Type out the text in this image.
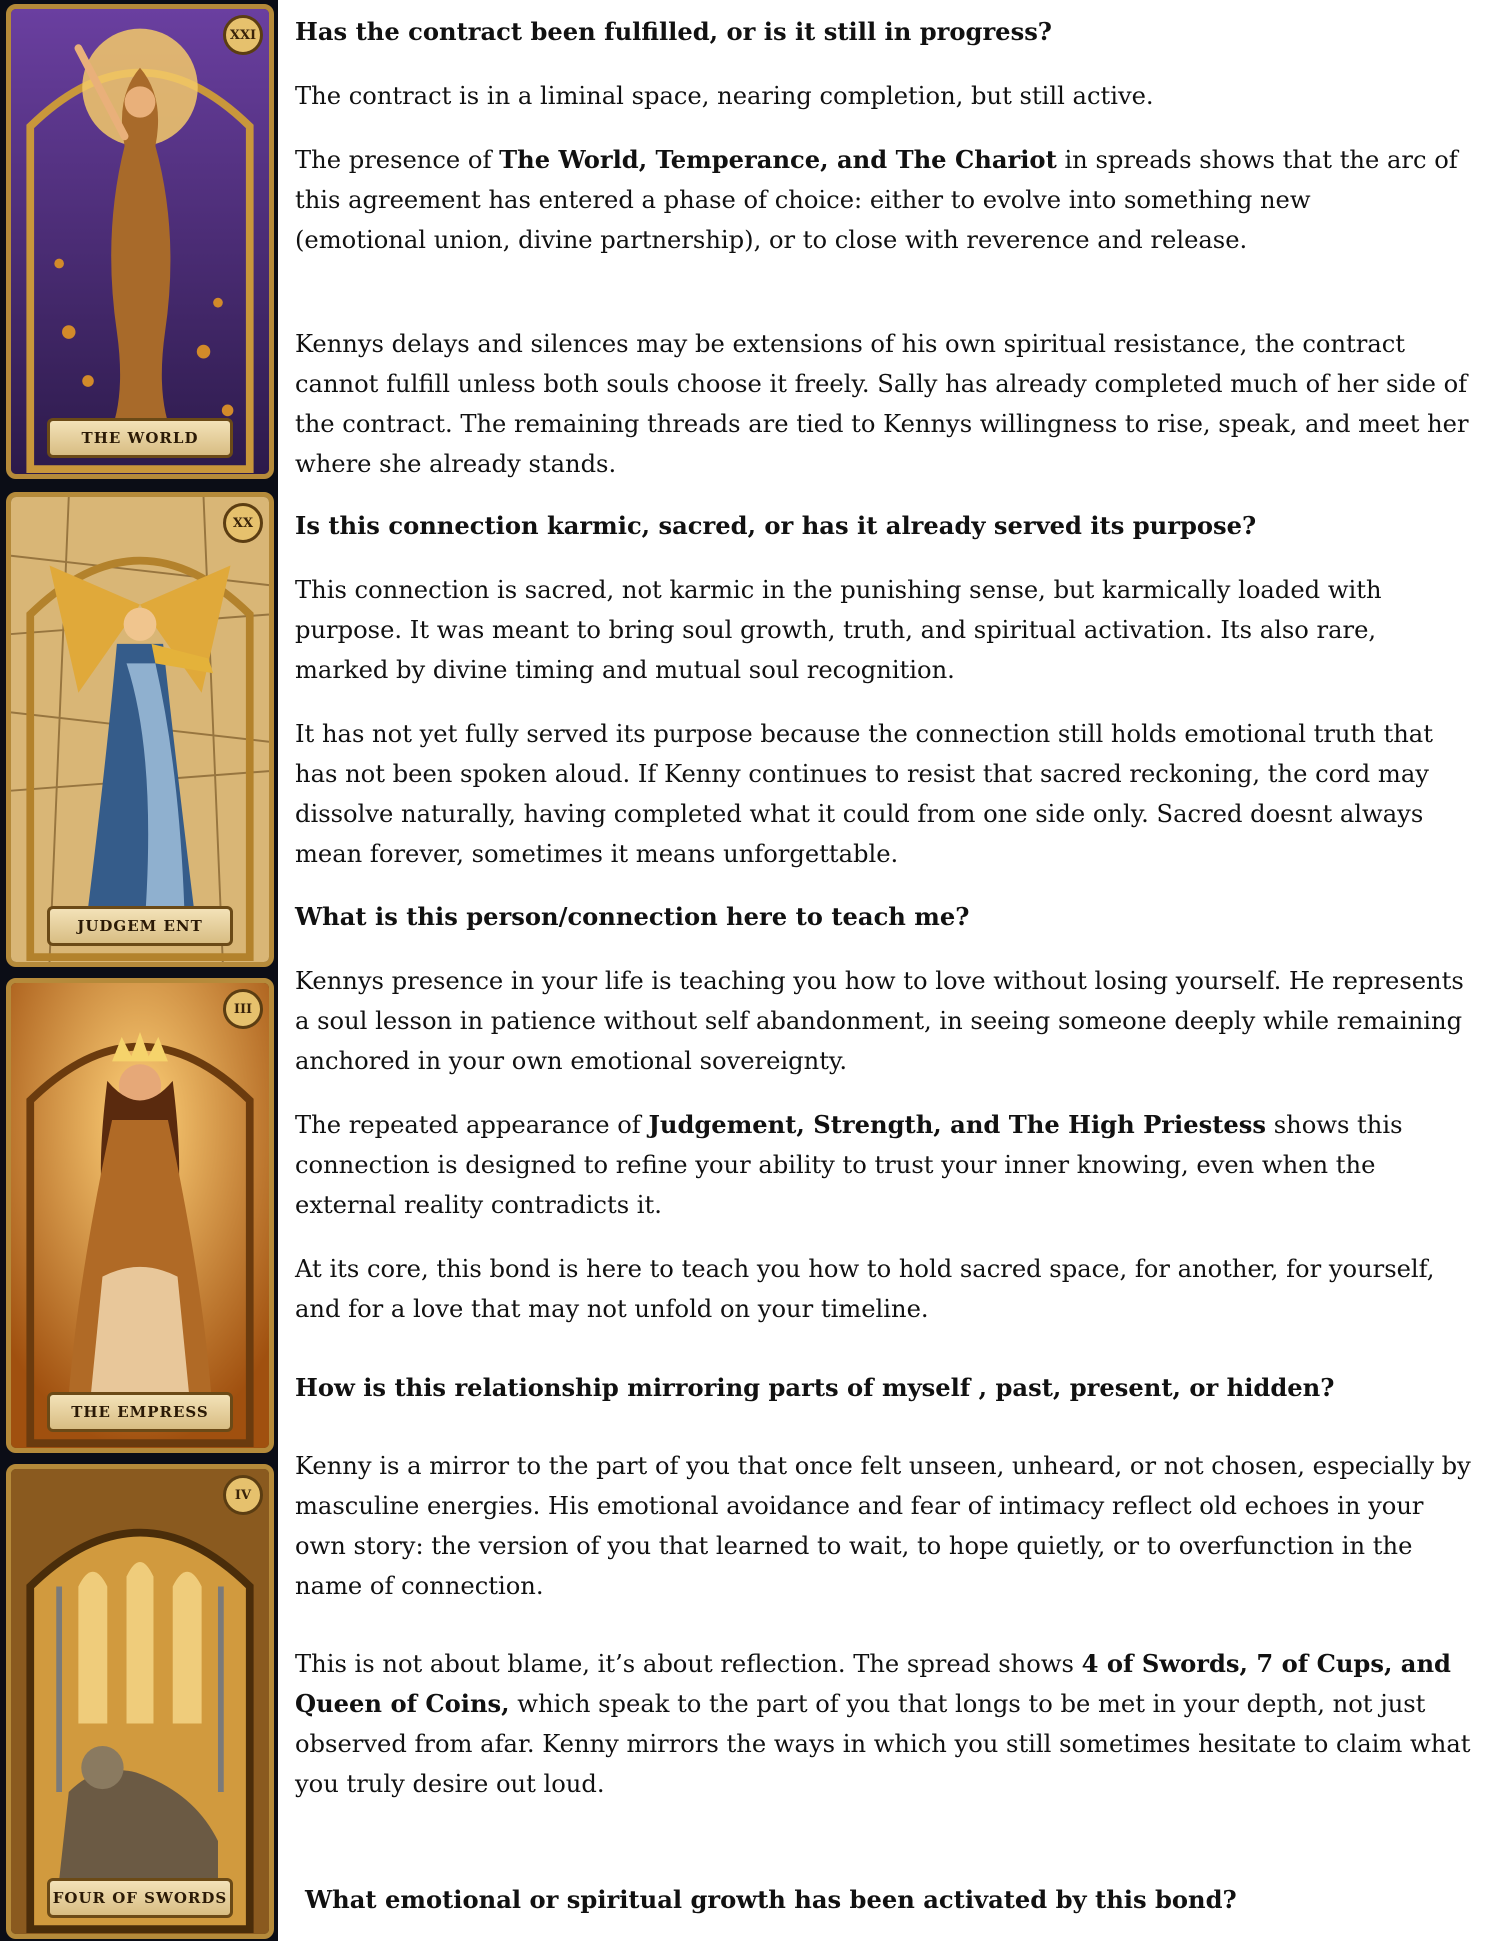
XXI
THE WORLD
XX
JUDGEM ENT
III
THE EMPRESS
IV
FOUR OF SWORDS
Has the contract been fulfilled, or is it still in progress?
The contract is in a liminal space, nearing completion, but still active.
The presence of The World, Temperance, and The Chariot in spreads shows that the arc of this agreement has entered a phase of choice: either to evolve into something new
(emotional union, divine partnership), or to close with reverence and release.
Kennys delays and silences may be extensions of his own spiritual resistance, the contract cannot fulfill unless both souls choose it freely. Sally has already completed much of her side of the contract. The remaining threads are tied to Kennys willingness to rise, speak, and meet her where she already stands.
Is this connection karmic, sacred, or has it already served its purpose?
This connection is sacred, not karmic in the punishing sense, but karmically loaded with purpose. It was meant to bring soul growth, truth, and spiritual activation. Its also rare, marked by divine timing and mutual soul recognition.
It has not yet fully served its purpose because the connection still holds emotional truth that has not been spoken aloud. If Kenny continues to resist that sacred reckoning, the cord may dissolve naturally, having completed what it could from one side only. Sacred doesnt always mean forever, sometimes it means unforgettable.
What is this person/connection here to teach me?
Kennys presence in your life is teaching you how to love without losing yourself. He represents a soul lesson in patience without self abandonment, in seeing someone deeply while remaining anchored in your own emotional sovereignty.
The repeated appearance of Judgement, Strength, and The High Priestess shows this connection is designed to refine your ability to trust your inner knowing, even when the external reality contradicts it.
At its core, this bond is here to teach you how to hold sacred space, for another, for yourself, and for a love that may not unfold on your timeline.
How is this relationship mirroring parts of myself , past, present, or hidden?
Kenny is a mirror to the part of you that once felt unseen, unheard, or not chosen, especially by masculine energies. His emotional avoidance and fear of intimacy reflect old echoes in your own story: the version of you that learned to wait, to hope quietly, or to overfunction in the name of connection.
This is not about blame, it’s about reflection. The spread shows 4 of Swords, 7 of Cups, and Queen of Coins, which speak to the part of you that longs to be met in your depth, not just observed from afar. Kenny mirrors the ways in which you still sometimes hesitate to claim what you truly desire out loud.
What emotional or spiritual growth has been activated by this bond?
